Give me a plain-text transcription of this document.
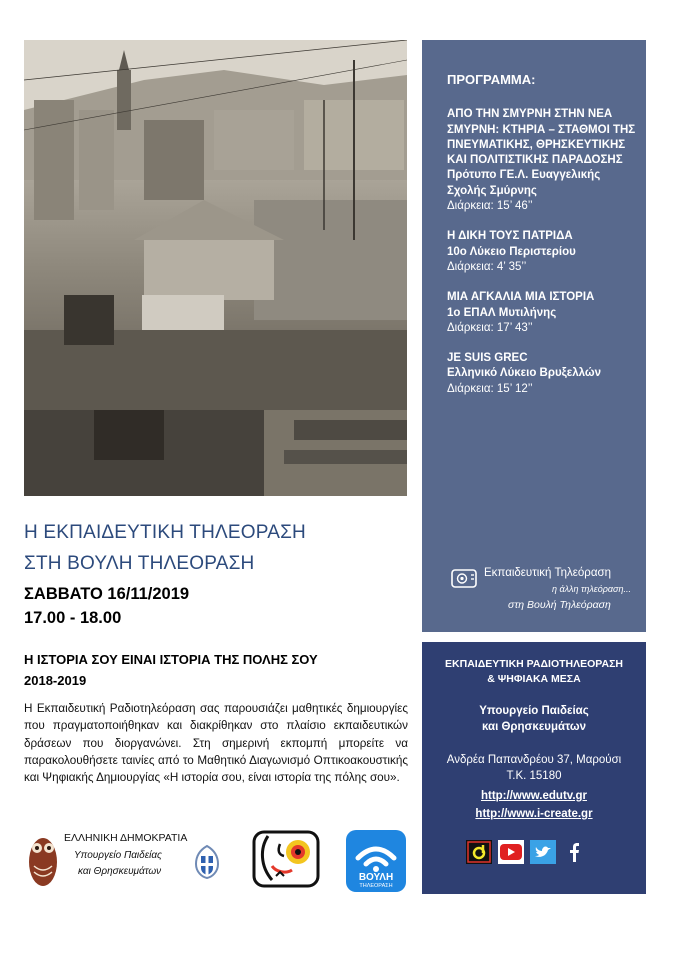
Η ΕΚΠΑΙΔΕΥΤΙΚΗ ΤΗΛΕΟΡΑΣΗ
ΣΤΗ ΒΟΥΛΗ ΤΗΛΕΟΡΑΣΗ
ΣΑΒΒΑΤΟ 16/11/2019
17.00 - 18.00
Η ΙΣΤΟΡΙΑ ΣΟΥ ΕΙΝΑΙ ΙΣΤΟΡΙΑ ΤΗΣ ΠΟΛΗΣ ΣΟΥ
2018-2019
Η Εκπαιδευτική Ραδιοτηλεόραση σας παρουσιάζει μαθητικές δημιουργίες που πραγματοποιήθηκαν και διακρίθηκαν στο πλαίσιο εκπαιδευτικών δράσεων που διοργανώνει. Στη σημερινή εκπομπή μπορείτε να παρακολουθήσετε ταινίες από το Μαθητικό Διαγωνισμό Οπτικοακουστικής και Ψηφιακής Δημιουργίας «Η ιστορία σου, είναι ιστορία της πόλης σου».
ΠΡΟΓΡΑΜΜΑ:
ΑΠΟ ΤΗΝ ΣΜΥΡΝΗ ΣΤΗΝ ΝΕΑ ΣΜΥΡΝΗ: ΚΤΗΡΙΑ – ΣΤΑΘΜΟΙ ΤΗΣ ΠΝΕΥΜΑΤΙΚΗΣ, ΘΡΗΣΚΕΥΤΙΚΗΣ ΚΑΙ ΠΟΛΙΤΙΣΤΙΚΗΣ ΠΑΡΑΔΟΣΗΣ
Πρότυπο ΓΕ.Λ. Ευαγγελικής Σχολής Σμύρνης
Διάρκεια: 15’ 46’’
Η ΔΙΚΗ ΤΟΥΣ ΠΑΤΡΙΔΑ
10ο Λύκειο Περιστερίου
Διάρκεια: 4’ 35’’
ΜΙΑ ΑΓΚΑΛΙΑ ΜΙΑ ΙΣΤΟΡΙΑ
1ο ΕΠΑΛ Μυτιλήνης
Διάρκεια: 17’ 43’’
JE SUIS GREC
Ελληνικό Λύκειο Βρυξελλών
Διάρκεια: 15’ 12’’
Εκπαιδευτική Τηλεόραση
η άλλη τηλεόραση...
στη Βουλή Τηλεόραση
ΕΚΠΑΙΔΕΥΤΙΚΗ ΡΑΔΙΟΤΗΛΕΟΡΑΣΗ
& ΨΗΦΙΑΚΑ ΜΕΣΑ
Υπουργείο Παιδείας
και Θρησκευμάτων
Ανδρέα Παπανδρέου 37, Μαρούσι
Τ.Κ. 15180
http://www.edutv.gr
http://www.i-create.gr
ΕΛΛΗΝΙΚΗ ΔΗΜΟΚΡΑΤΙΑ
Υπουργείο Παιδείας
και Θρησκευμάτων
ΒΟΥΛΗ
ΤΗΛΕΟΡΑΣΗ
